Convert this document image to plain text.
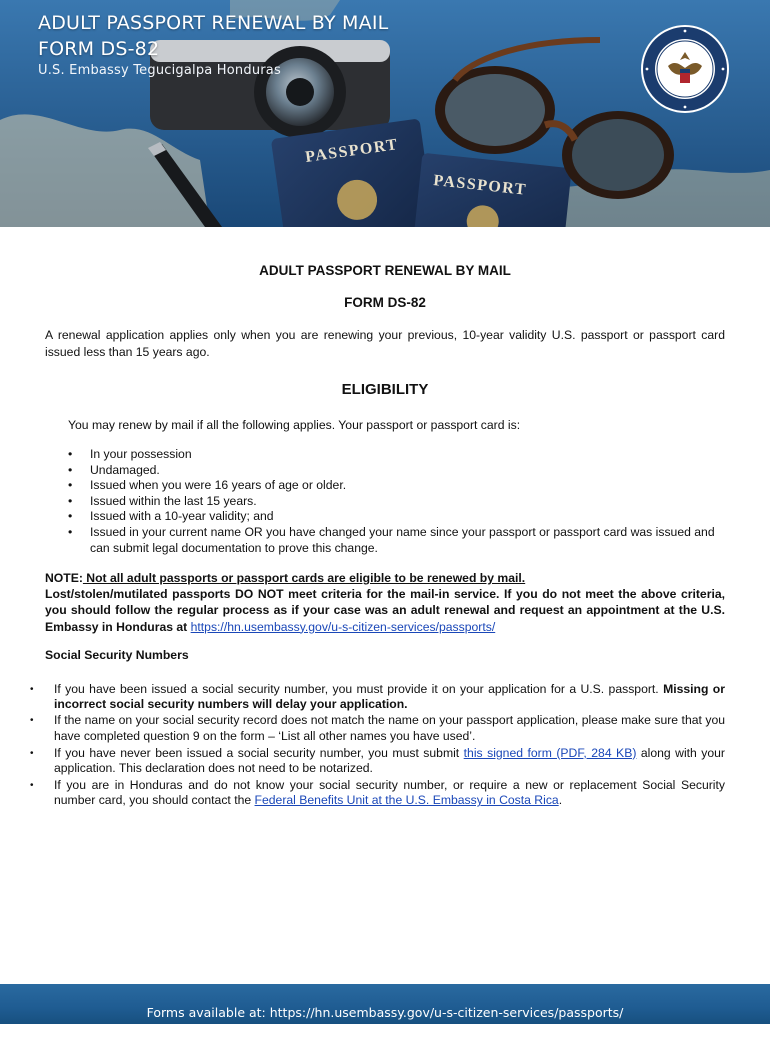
ADULT PASSPORT RENEWAL BY MAIL
FORM DS-82
U.S. Embassy Tegucigalpa Honduras
PASSPORT
PASSPORT
ADULT PASSPORT RENEWAL BY MAIL
FORM DS-82
A renewal application applies only when you are renewing your previous, 10-year validity U.S. passport or passport card issued less than 15 years ago.
ELIGIBILITY
You may renew by mail if all the following applies. Your passport or passport card is:
• In your possession
• Undamaged.
• Issued when you were 16 years of age or older.
• Issued within the last 15 years.
• Issued with a 10-year validity; and
• Issued in your current name OR you have changed your name since your passport or passport card was issued and can submit legal documentation to prove this change.
NOTE: Not all adult passports or passport cards are eligible to be renewed by mail.
Lost/stolen/mutilated passports DO NOT meet criteria for the mail-in service. If you do not meet the above criteria, you should follow the regular process as if your case was an adult renewal and request an appointment at the U.S. Embassy in Honduras at https://hn.usembassy.gov/u-s-citizen-services/passports/
Social Security Numbers
• If you have been issued a social security number, you must provide it on your application for a U.S. passport. Missing or incorrect social security numbers will delay your application.
• If the name on your social security record does not match the name on your passport application, please make sure that you have completed question 9 on the form – ‘List all other names you have used’.
• If you have never been issued a social security number, you must submit this signed form (PDF, 284 KB) along with your application. This declaration does not need to be notarized.
• If you are in Honduras and do not know your social security number, or require a new or replacement Social Security number card, you should contact the Federal Benefits Unit at the U.S. Embassy in Costa Rica.
Forms available at: https://hn.usembassy.gov/u-s-citizen-services/passports/
